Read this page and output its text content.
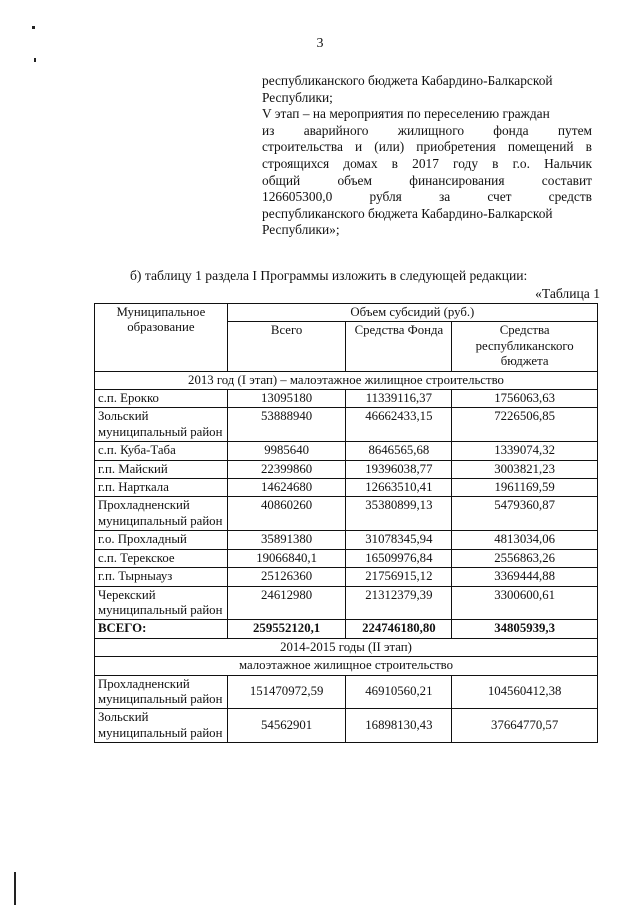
3
республиканского бюджета Кабардино-Балкарской
Республики;
V этап – на мероприятия по переселению граждан
из аварийного жилищного фонда путем
строительства и (или) приобретения помещений в
строящихся домах в 2017 году в г.о. Нальчик
общий объем финансирования составит
126605300,0 рубля за счет средств
республиканского бюджета Кабардино-Балкарской
Республики»;
б) таблицу 1 раздела I Программы изложить в следующей редакции:
«Таблица 1
Муниципальное образование	Объем субсидий (руб.)		
	Всего	Средства Фонда	Средства республиканского бюджета
2013 год (I этап) – малоэтажное жилищное строительство			
с.п. Ерокко	13095180	11339116,37	1756063,63
Зольский муниципальный район	53888940	46662433,15	7226506,85
с.п. Куба-Таба	9985640	8646565,68	1339074,32
г.п. Майский	22399860	19396038,77	3003821,23
г.п. Нарткала	14624680	12663510,41	1961169,59
Прохладненский муниципальный район	40860260	35380899,13	5479360,87
г.о. Прохладный	35891380	31078345,94	4813034,06
с.п. Терекское	19066840,1	16509976,84	2556863,26
г.п. Тырныауз	25126360	21756915,12	3369444,88
Черекский муниципальный район	24612980	21312379,39	3300600,61
ВСЕГО:	259552120,1	224746180,80	34805939,3
2014-2015 годы (II этап)			
малоэтажное жилищное строительство			
Прохладненский муниципальный район	151470972,59	46910560,21	104560412,38
Зольский муниципальный район	54562901	16898130,43	37664770,57
